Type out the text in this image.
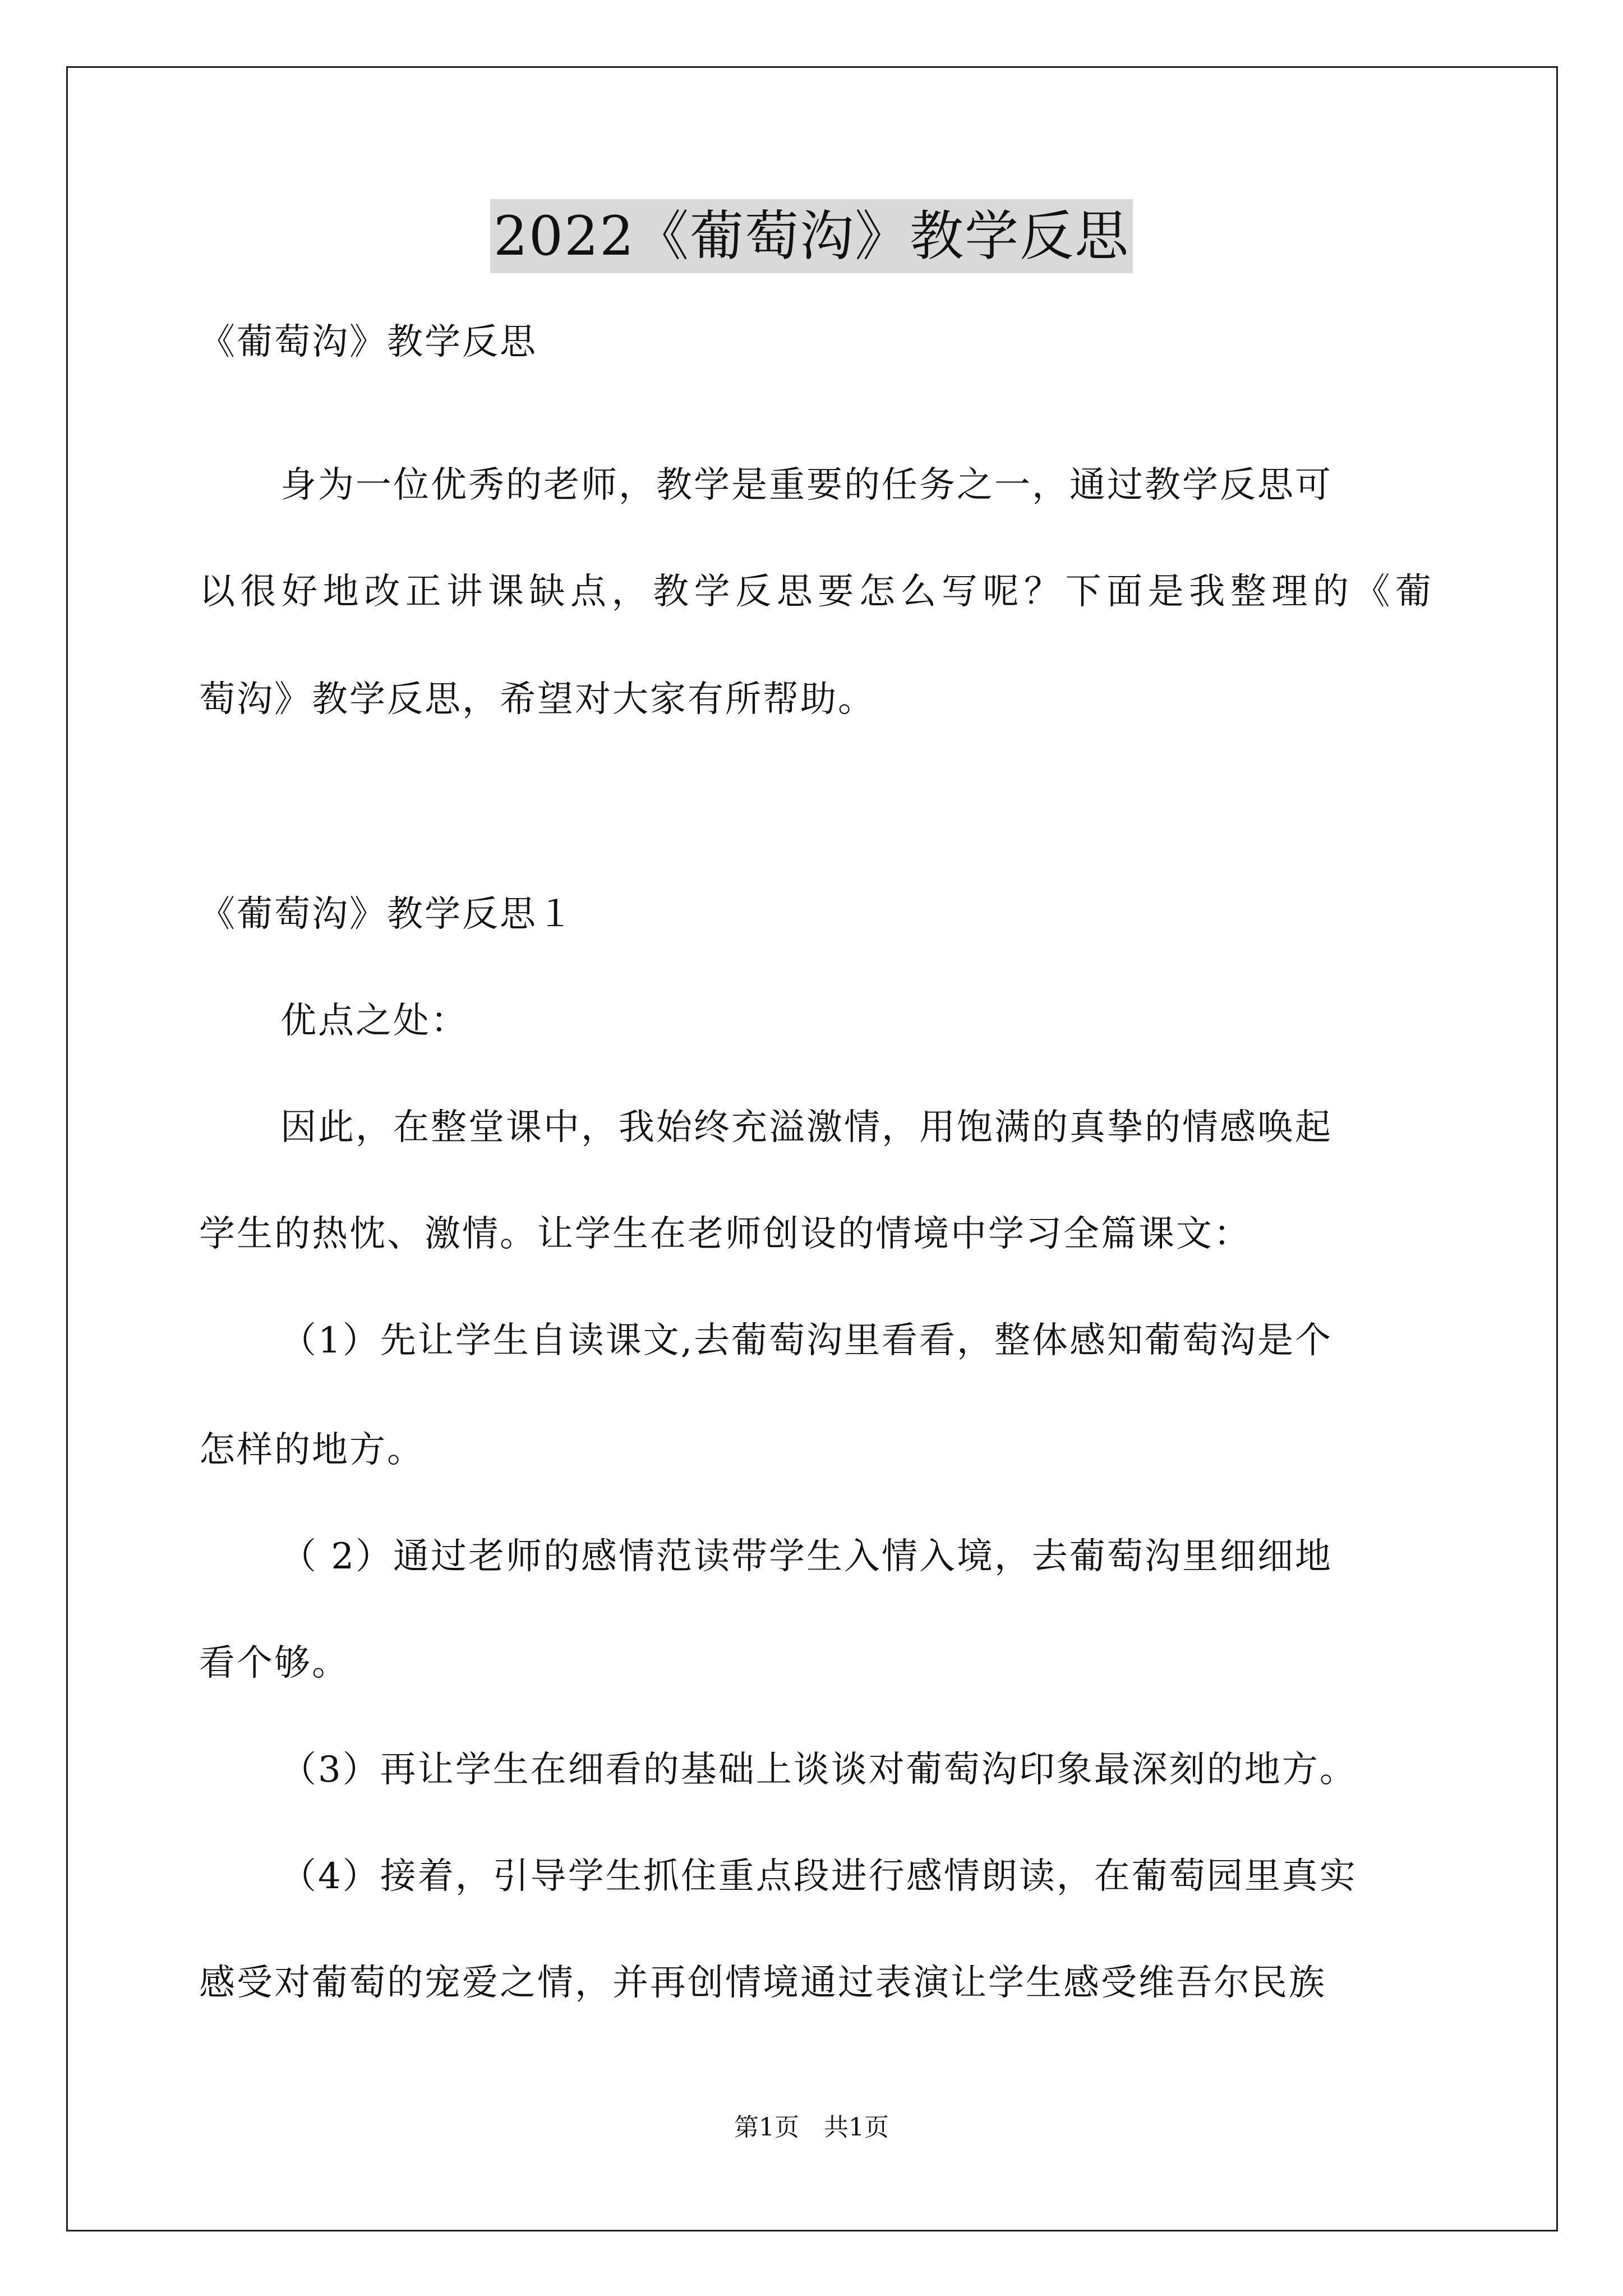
2022《葡萄沟》教学反思
《葡萄沟》教学反思
身为一位优秀的老师，教学是重要的任务之一，通过教学反思可
以很好地改正讲课缺点，教学反思要怎么写呢？下面是我整理的《葡
萄沟》教学反思，希望对大家有所帮助。
《葡萄沟》教学反思１
优点之处：
因此，在整堂课中，我始终充溢激情，用饱满的真挚的情感唤起
学生的热忱、激情。让学生在老师创设的情境中学习全篇课文：
（1）先让学生自读课文,去葡萄沟里看看，整体感知葡萄沟是个
怎样的地方。
（ 2）通过老师的感情范读带学生入情入境，去葡萄沟里细细地
看个够。
（3）再让学生在细看的基础上谈谈对葡萄沟印象最深刻的地方。
（4）接着，引导学生抓住重点段进行感情朗读，在葡萄园里真实
感受对葡萄的宠爱之情，并再创情境通过表演让学生感受维吾尔民族
第1页 共1页
